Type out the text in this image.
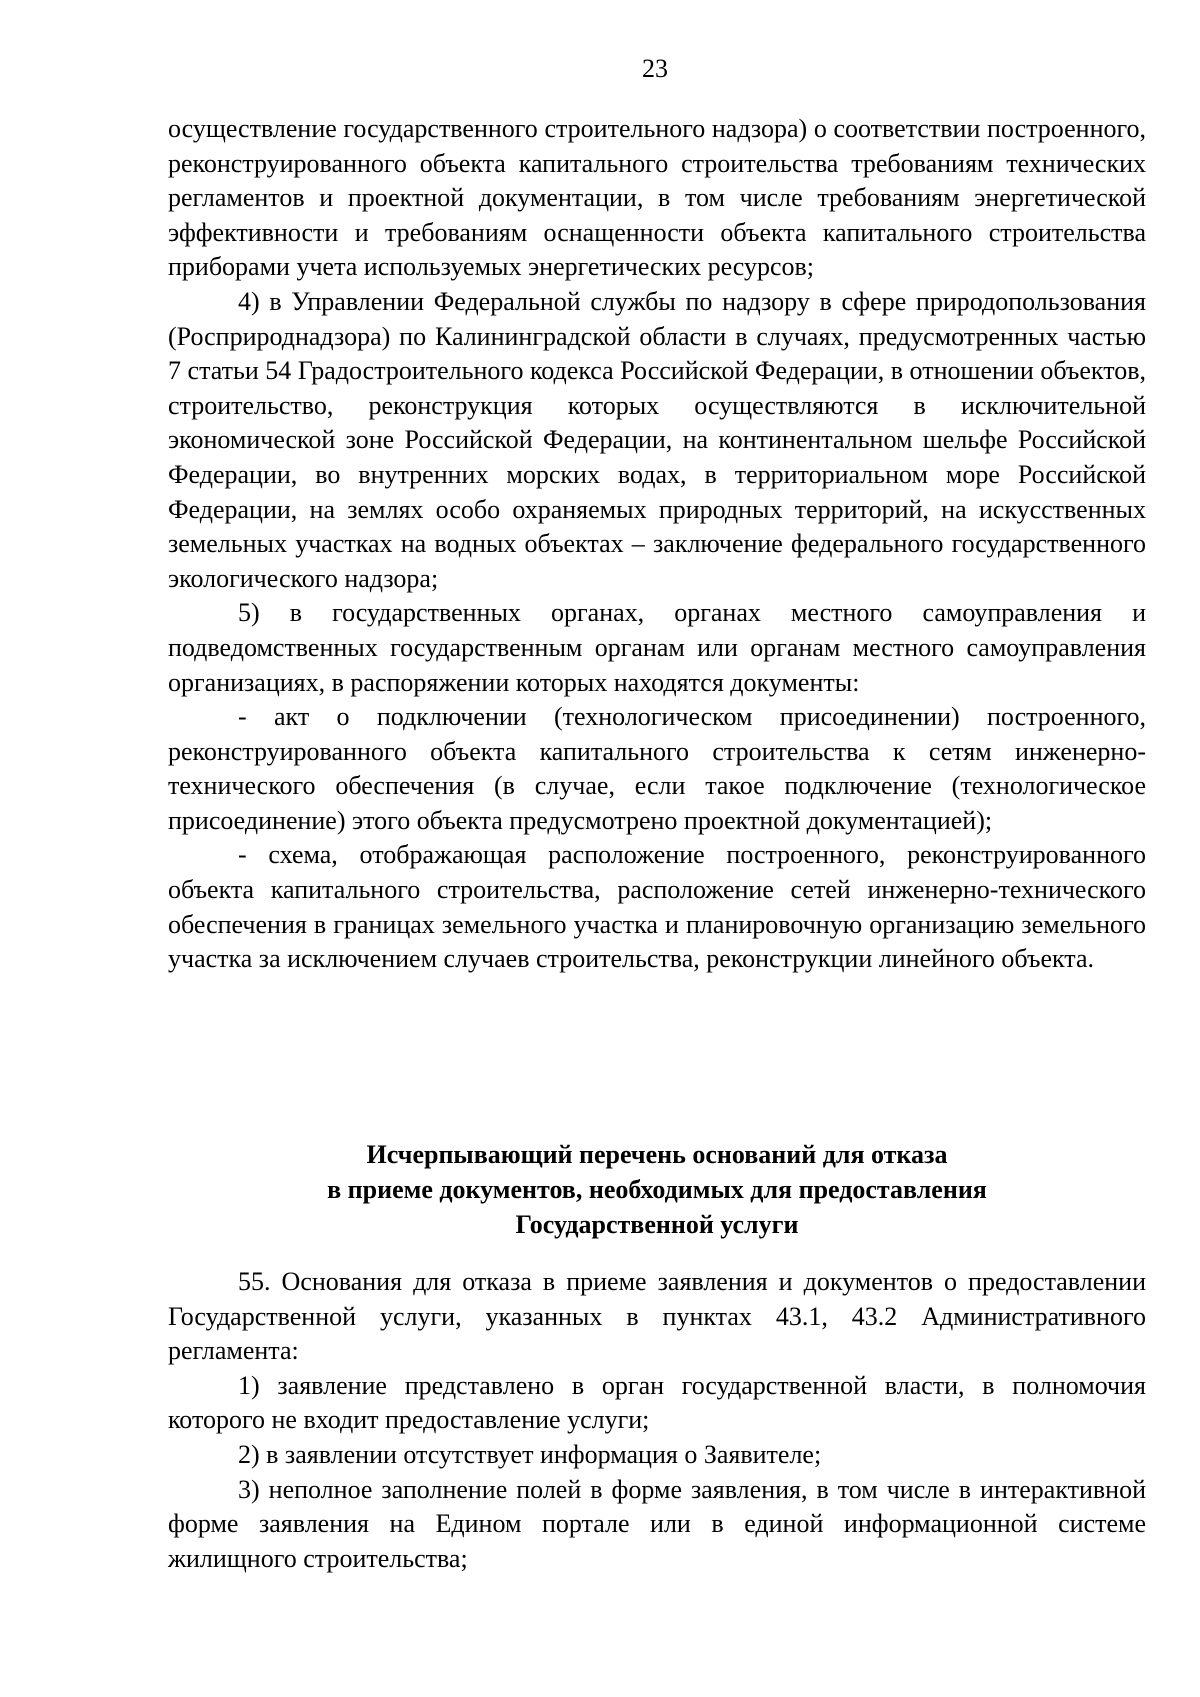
23

осуществление государственного строительного надзора) о соответствии построенного, реконструированного объекта капитального строительства требованиям технических регламентов и проектной документации, в том числе требованиям энергетической эффективности и требованиям оснащенности объекта капитального строительства приборами учета используемых энергетических ресурсов;

4) в Управлении Федеральной службы по надзору в сфере природопользования (Росприроднадзора) по Калининградской области в случаях, предусмотренных частью 7 статьи 54 Градостроительного кодекса Российской Федерации, в отношении объектов, строительство, реконструкция которых осуществляются в исключительной экономической зоне Российской Федерации, на континентальном шельфе Российской Федерации, во внутренних морских водах, в территориальном море Российской Федерации, на землях особо охраняемых природных территорий, на искусственных земельных участках на водных объектах – заключение федерального государственного экологического надзора;

5) в государственных органах, органах местного самоуправления и подведомственных государственным органам или органам местного самоуправления организациях, в распоряжении которых находятся документы:

- акт о подключении (технологическом присоединении) построенного, реконструированного объекта капитального строительства к сетям инженерно-технического обеспечения (в случае, если такое подключение (технологическое присоединение) этого объекта предусмотрено проектной документацией);

- схема, отображающая расположение построенного, реконструированного объекта капитального строительства, расположение сетей инженерно-технического обеспечения в границах земельного участка и планировочную организацию земельного участка за исключением случаев строительства, реконструкции линейного объекта.

Исчерпывающий перечень оснований для отказа
в приеме документов, необходимых для предоставления
Государственной услуги

55. Основания для отказа в приеме заявления и документов о предоставлении Государственной услуги, указанных в пунктах 43.1, 43.2 Административного регламента:

1) заявление представлено в орган государственной власти, в полномочия которого не входит предоставление услуги;

2) в заявлении отсутствует информация о Заявителе;

3) неполное заполнение полей в форме заявления, в том числе в интерактивной форме заявления на Едином портале или в единой информационной системе жилищного строительства;
